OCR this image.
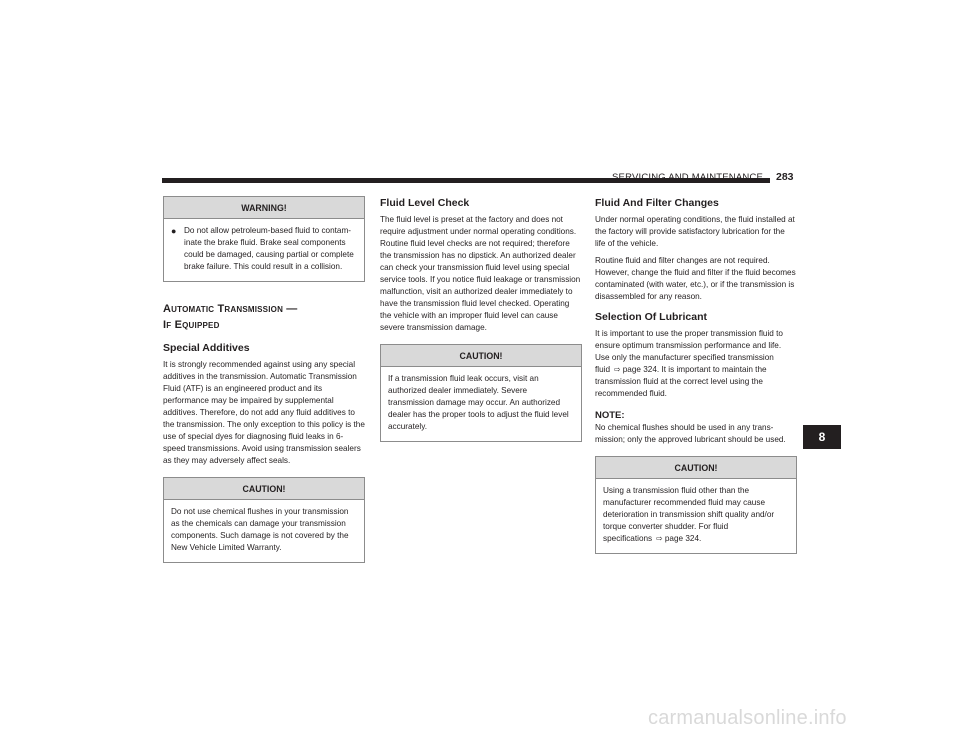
SERVICING AND MAINTENANCE 283
WARNING!
● Do not allow petroleum-based fluid to contam-inate the brake fluid. Brake seal components could be damaged, causing partial or complete brake failure. This could result in a collision.
Automatic Transmission —
If Equipped
Special Additives

It is strongly recommended against using any special additives in the transmission. Automatic Transmission Fluid (ATF) is an engineered product and its performance may be impaired by supplemental additives. Therefore, do not add any fluid additives to the transmission. The only exception to this policy is the use of special dyes for diagnosing fluid leaks in 6-speed transmissions. Avoid using transmission sealers as they may adversely affect seals.

CAUTION!

Do not use chemical flushes in your transmission as the chemicals can damage your transmission components. Such damage is not covered by the New Vehicle Limited Warranty.

Fluid Level Check

The fluid level is preset at the factory and does not require adjustment under normal operating conditions. Routine fluid level checks are not required; therefore the transmission has no dipstick. An authorized dealer can check your transmission fluid level using special service tools. If you notice fluid leakage or transmission malfunction, visit an authorized dealer immediately to have the transmission fluid level checked. Operating the vehicle with an improper fluid level can cause severe transmission damage.

CAUTION!

If a transmission fluid leak occurs, visit an authorized dealer immediately. Severe transmission damage may occur. An authorized dealer has the proper tools to adjust the fluid level accurately.

Fluid And Filter Changes

Under normal operating conditions, the fluid installed at the factory will provide satisfactory lubrication for the life of the vehicle.

Routine fluid and filter changes are not required. However, change the fluid and filter if the fluid becomes contaminated (with water, etc.), or if the transmission is disassembled for any reason.

Selection Of Lubricant

It is important to use the proper transmission fluid to ensure optimum transmission performance and life. Use only the manufacturer specified transmission fluid ⇨ page 324. It is important to maintain the transmission fluid at the correct level using the recommended fluid.

NOTE:

No chemical flushes should be used in any trans-mission; only the approved lubricant should be used.

CAUTION!

Using a transmission fluid other than the manufacturer recommended fluid may cause deterioration in transmission shift quality and/or torque converter shudder. For fluid specifications ⇨ page 324.

8
carmanualsonline.info
